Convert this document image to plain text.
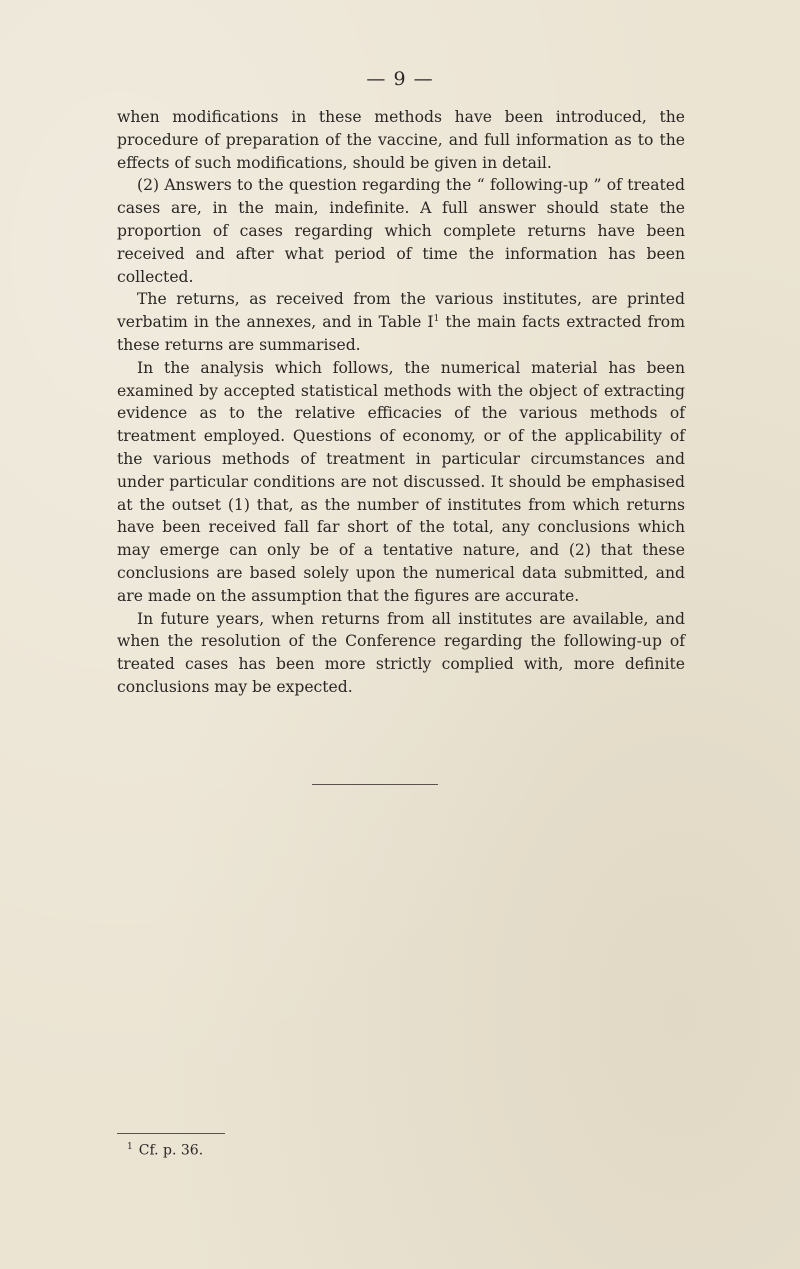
— 9 —

when modifications in these methods have been introduced, the procedure of preparation of the vaccine, and full information as to the effects of such modifications, should be given in detail.

(2) Answers to the question regarding the “ following-up ” of treated cases are, in the main, indefinite. A full answer should state the proportion of cases regarding which complete returns have been received and after what period of time the information has been collected.

The returns, as received from the various institutes, are printed verbatim in the annexes, and in Table I$^1$ the main facts extracted from these returns are summarised.

In the analysis which follows, the numerical material has been examined by accepted statistical methods with the object of extracting evidence as to the relative efficacies of the various methods of treatment employed. Questions of economy, or of the applicability of the various methods of treatment in particular circumstances and under particular conditions are not discussed. It should be emphasised at the outset (1) that, as the number of institutes from which returns have been received fall far short of the total, any conclusions which may emerge can only be of a tentative nature, and (2) that these conclusions are based solely upon the numerical data submitted, and are made on the assumption that the figures are accurate.

In future years, when returns from all institutes are available, and when the resolution of the Conference regarding the following-up of treated cases has been more strictly complied with, more definite conclusions may be expected.

$^1$ Cf. p. 36.
